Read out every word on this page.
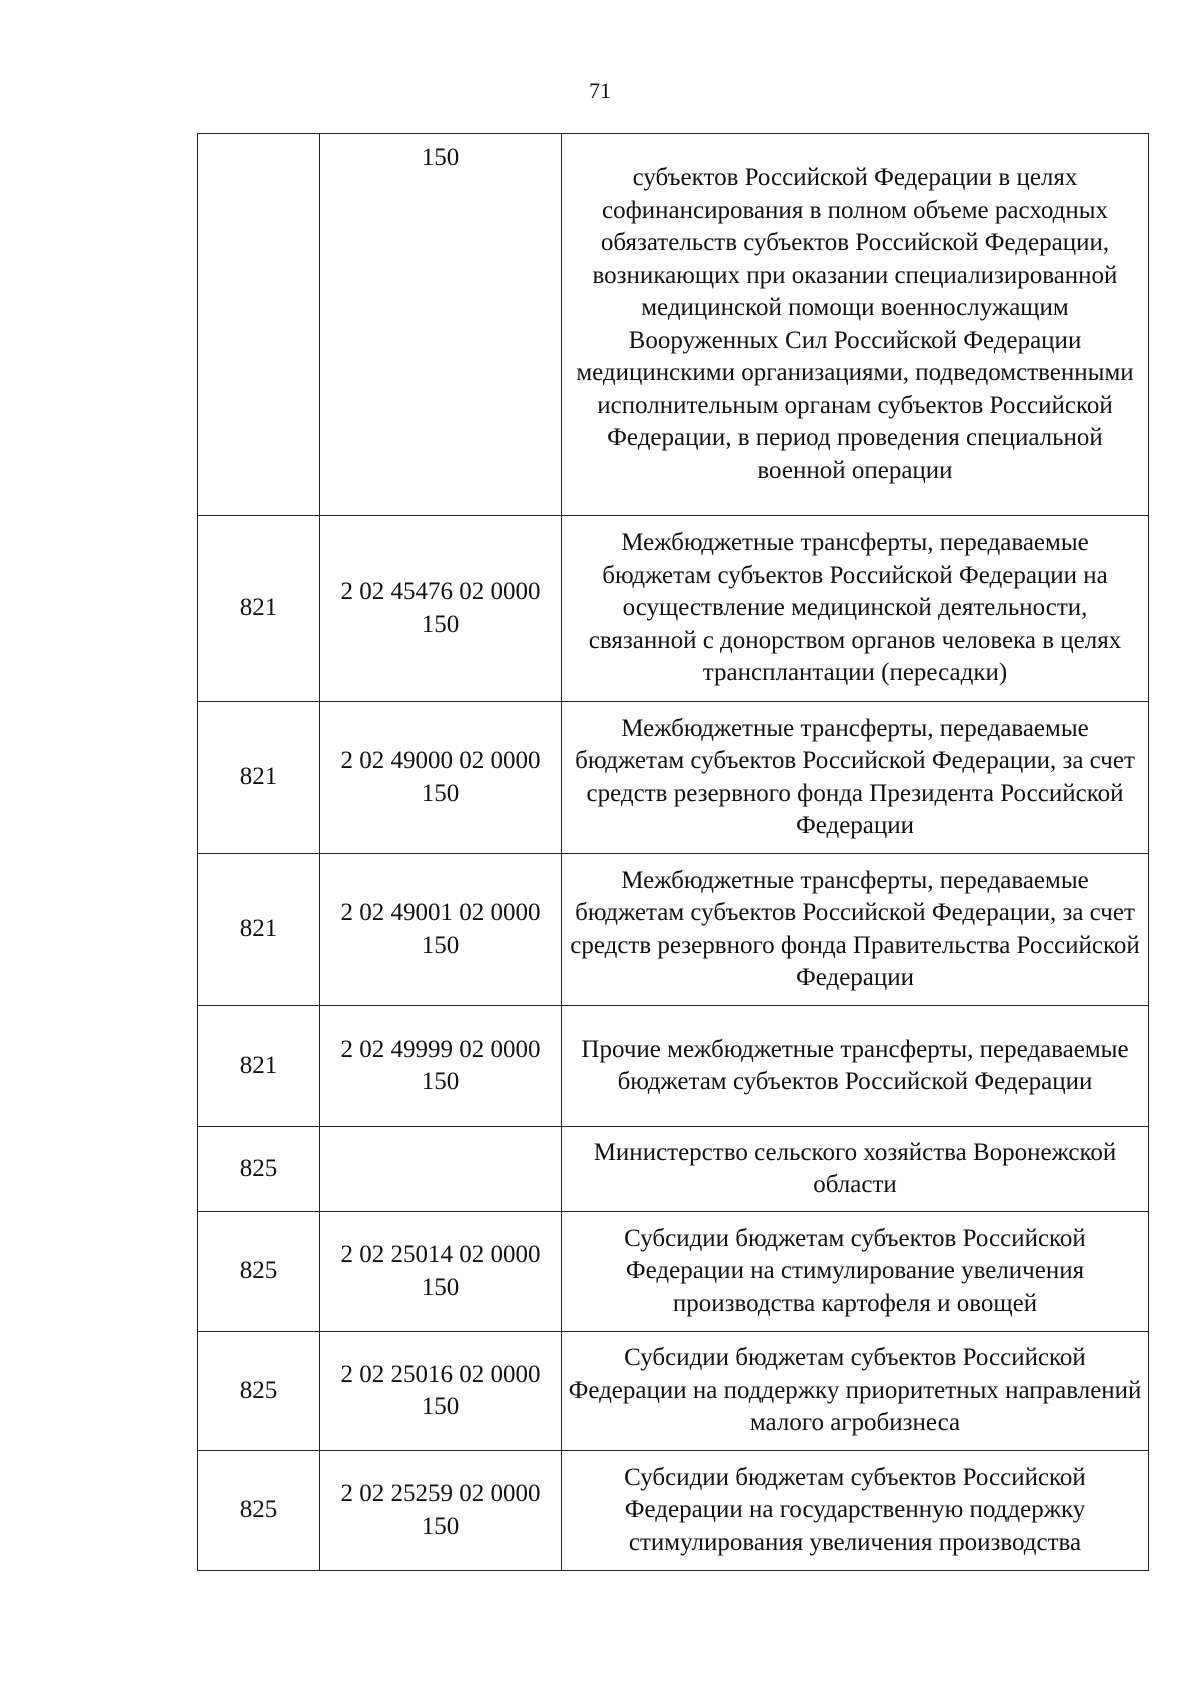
71
	150	субъектов Российской Федерации в целях софинансирования в полном объеме расходных обязательств субъектов Российской Федерации, возникающих при оказании специализированной медицинской помощи военнослужащим Вооруженных Сил Российской Федерации медицинскими организациями, подведомственными исполнительным органам субъектов Российской Федерации, в период проведения специальной военной операции
821	2 02 45476 02 0000 150	Межбюджетные трансферты, передаваемые бюджетам субъектов Российской Федерации на осуществление медицинской деятельности, связанной с донорством органов человека в целях трансплантации (пересадки)
821	2 02 49000 02 0000 150	Межбюджетные трансферты, передаваемые бюджетам субъектов Российской Федерации, за счет средств резервного фонда Президента Российской Федерации
821	2 02 49001 02 0000 150	Межбюджетные трансферты, передаваемые бюджетам субъектов Российской Федерации, за счет средств резервного фонда Правительства Российской Федерации
821	2 02 49999 02 0000 150	Прочие межбюджетные трансферты, передаваемые бюджетам субъектов Российской Федерации
825		Министерство сельского хозяйства Воронежской области
825	2 02 25014 02 0000 150	Субсидии бюджетам субъектов Российской Федерации на стимулирование увеличения производства картофеля и овощей
825	2 02 25016 02 0000 150	Субсидии бюджетам субъектов Российской Федерации на поддержку приоритетных направлений малого агробизнеса
825	2 02 25259 02 0000 150	Субсидии бюджетам субъектов Российской Федерации на государственную поддержку стимулирования увеличения производства
